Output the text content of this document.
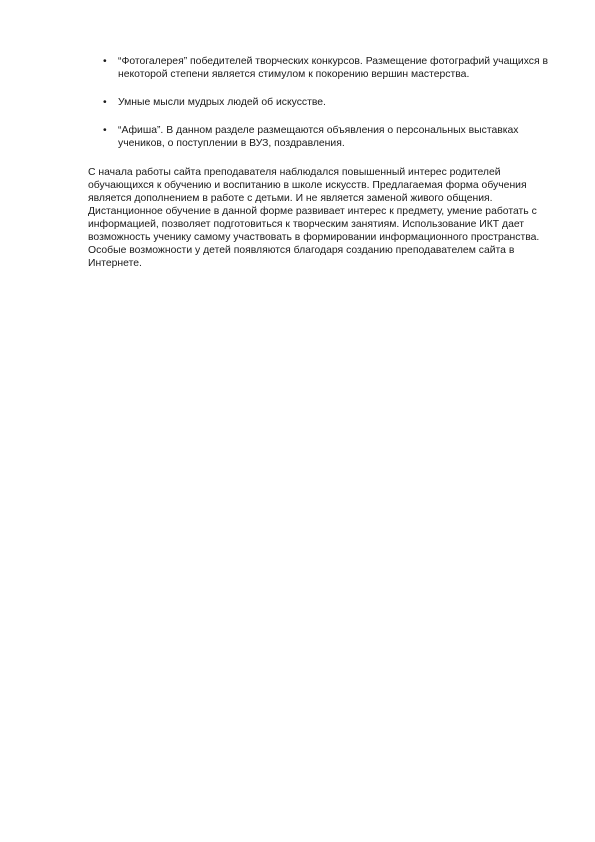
• “Фотогалерея” победителей творческих конкурсов. Размещение фотографий учащихся в некоторой степени является стимулом к покорению вершин мастерства.
• Умные мысли мудрых людей об искусстве.
• “Афиша”. В данном разделе размещаются объявления о персональных выставках учеников, о поступлении в ВУЗ, поздравления.

С начала работы сайта преподавателя наблюдался повышенный интерес родителей обучающихся к обучению и воспитанию в школе искусств. Предлагаемая форма обучения является дополнением в работе с детьми. И не является заменой живого общения. Дистанционное обучение в данной форме развивает интерес к предмету, умение работать с информацией, позволяет подготовиться к творческим занятиям. Использование ИКТ дает возможность ученику самому участвовать в формировании информационного пространства. Особые возможности у детей появляются благодаря созданию преподавателем сайта в Интернете.
